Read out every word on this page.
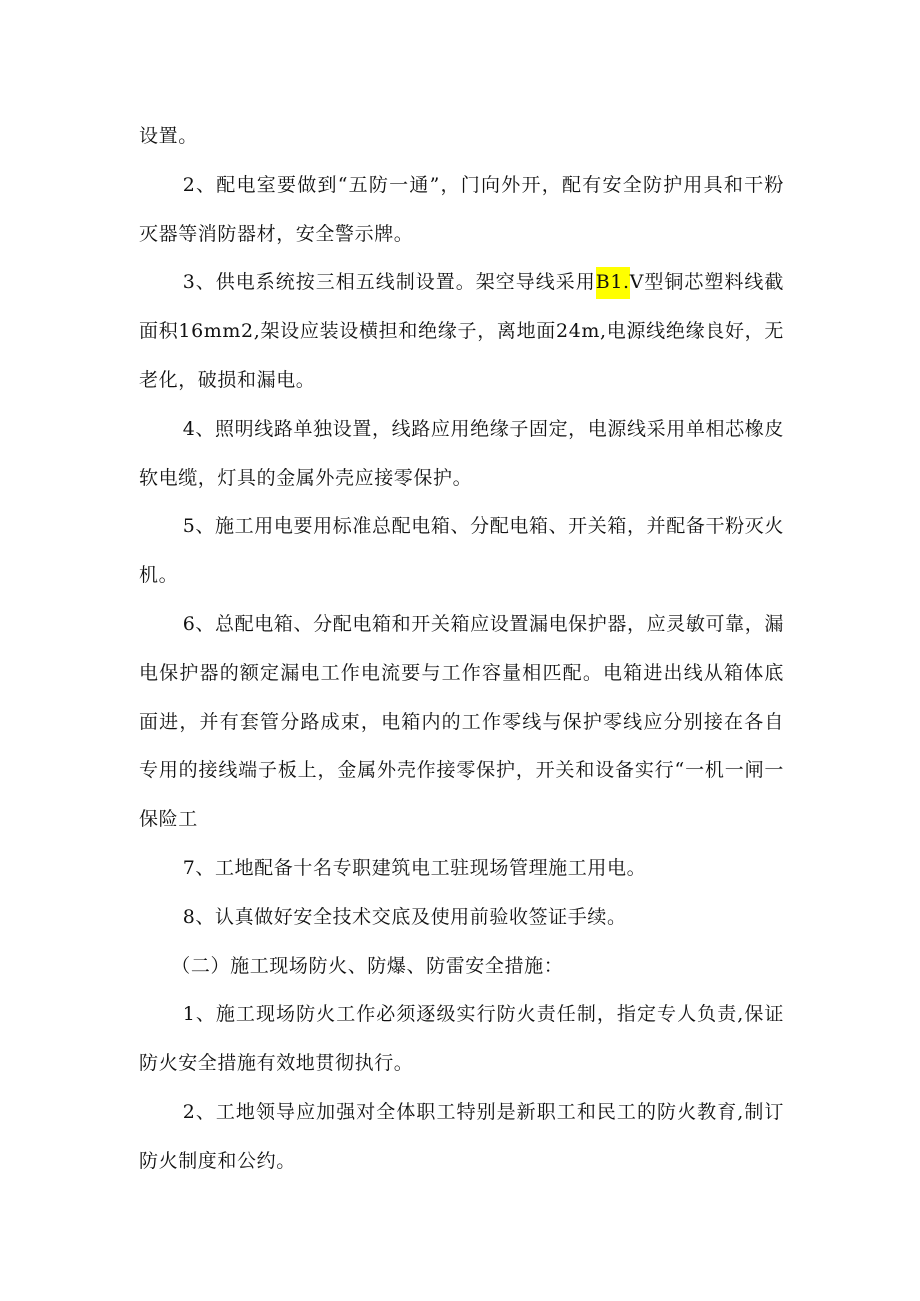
设置。

2、配电室要做到“五防一通”，门向外开，配有安全防护用具和干粉灭器等消防器材，安全警示牌。

3、供电系统按三相五线制设置。架空导线采用B1.V型铜芯塑料线截面积16mm2,架设应装设横担和绝缘子，离地面24m,电源线绝缘良好，无老化，破损和漏电。

4、照明线路单独设置，线路应用绝缘子固定，电源线采用单相芯橡皮软电缆，灯具的金属外壳应接零保护。

5、施工用电要用标准总配电箱、分配电箱、开关箱，并配备干粉灭火机。

6、总配电箱、分配电箱和开关箱应设置漏电保护器，应灵敏可靠，漏电保护器的额定漏电工作电流要与工作容量相匹配。电箱进出线从箱体底面进，并有套管分路成束，电箱内的工作零线与保护零线应分别接在各自专用的接线端子板上，金属外壳作接零保护，开关和设备实行“一机一闸一保险工

7、工地配备十名专职建筑电工驻现场管理施工用电。

8、认真做好安全技术交底及使用前验收签证手续。

（二）施工现场防火、防爆、防雷安全措施：

1、施工现场防火工作必须逐级实行防火责任制，指定专人负责,保证防火安全措施有效地贯彻执行。

2、工地领导应加强对全体职工特别是新职工和民工的防火教育,制订防火制度和公约。
